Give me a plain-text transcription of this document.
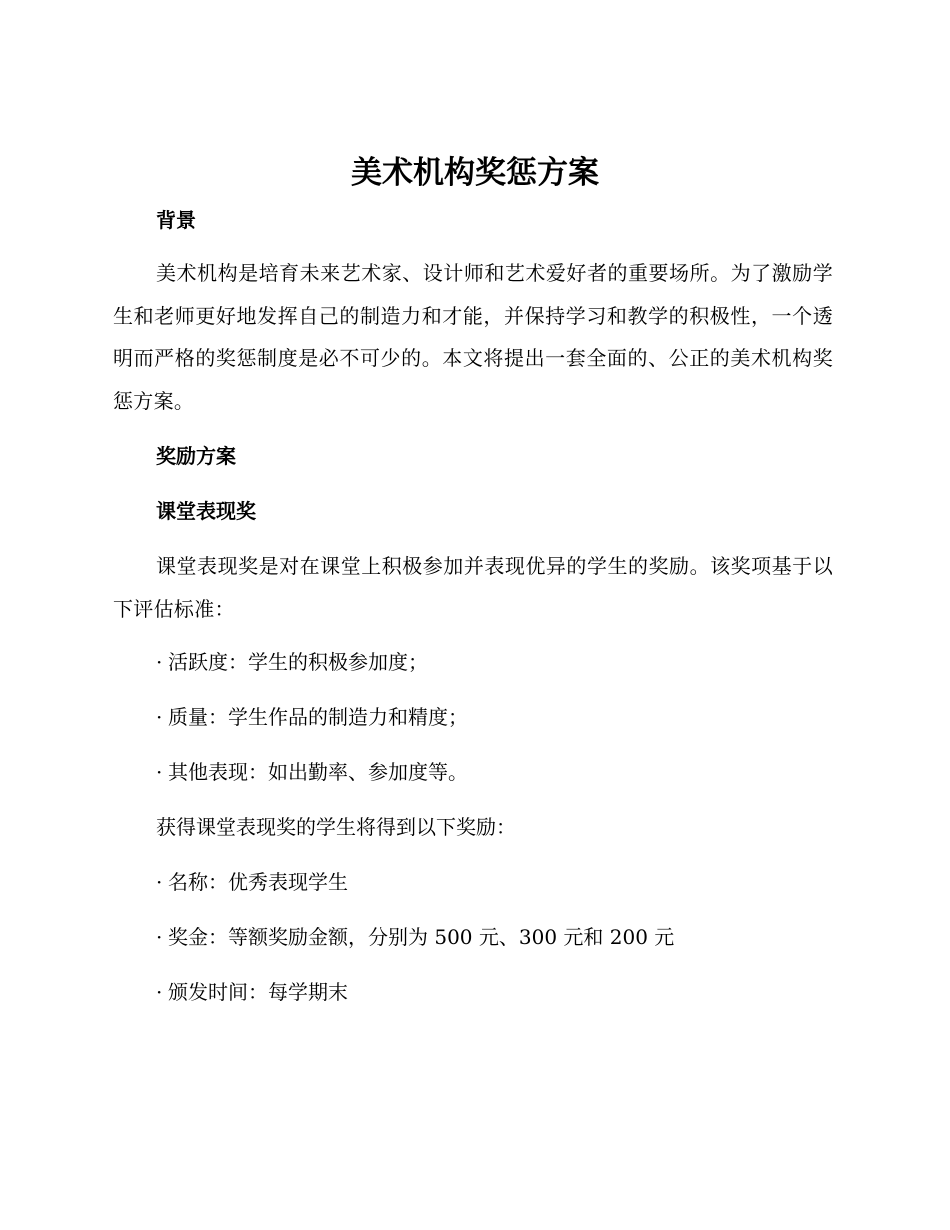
美术机构奖惩方案
背景

美术机构是培育未来艺术家、设计师和艺术爱好者的重要场所。为了激励学生和老师更好地发挥自己的制造力和才能，并保持学习和教学的积极性，一个透明而严格的奖惩制度是必不可少的。本文将提出一套全面的、公正的美术机构奖惩方案。

奖励方案
课堂表现奖

课堂表现奖是对在课堂上积极参加并表现优异的学生的奖励。该奖项基于以下评估标准：

· 活跃度：学生的积极参加度；
· 质量：学生作品的制造力和精度；
· 其他表现：如出勤率、参加度等。

获得课堂表现奖的学生将得到以下奖励：

· 名称：优秀表现学生
· 奖金：等额奖励金额，分别为 500 元、300 元和 200 元
· 颁发时间：每学期末
